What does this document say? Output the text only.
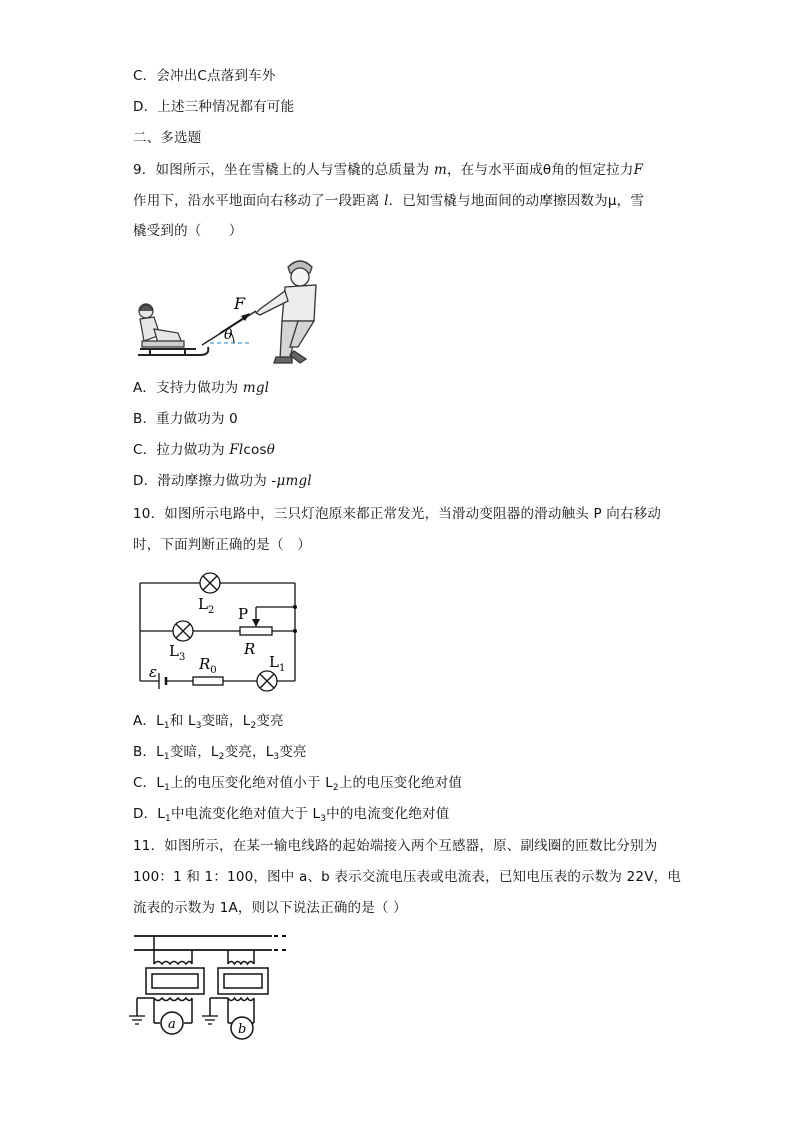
C．会冲出C点落到车外
D．上述三种情况都有可能
二、多选题
9．如图所示，坐在雪橇上的人与雪橇的总质量为 m，在与水平面成θ角的恒定拉力F
作用下，沿水平地面向右移动了一段距离 l．已知雪橇与地面间的动摩擦因数为μ，雪
橇受到的（　　）
F
θ
A．支持力做功为 mgl
B．重力做功为 0
C．拉力做功为 Flcosθ
D．滑动摩擦力做功为 -μmgl
10．如图所示电路中，三只灯泡原来都正常发光，当滑动变阻器的滑动触头 P 向右移动
时，下面判断正确的是（　）
$L_2$ P
$L_3$	R
$R_0$	$L_1$
ε
A．$L_1$和 $L_3$变暗，$L_2$变亮
B．$L_1$变暗，$L_2$变亮，$L_3$变亮
C．$L_1$上的电压变化绝对值小于 $L_2$上的电压变化绝对值
D．$L_1$中电流变化绝对值大于 $L_3$中的电流变化绝对值
11．如图所示，在某一输电线路的起始端接入两个互感器，原、副线圈的匝数比分别为
100：1 和 1：100，图中 a、b 表示交流电压表或电流表，已知电压表的示数为 22V，电
流表的示数为 1A，则以下说法正确的是（ ）
a	b
